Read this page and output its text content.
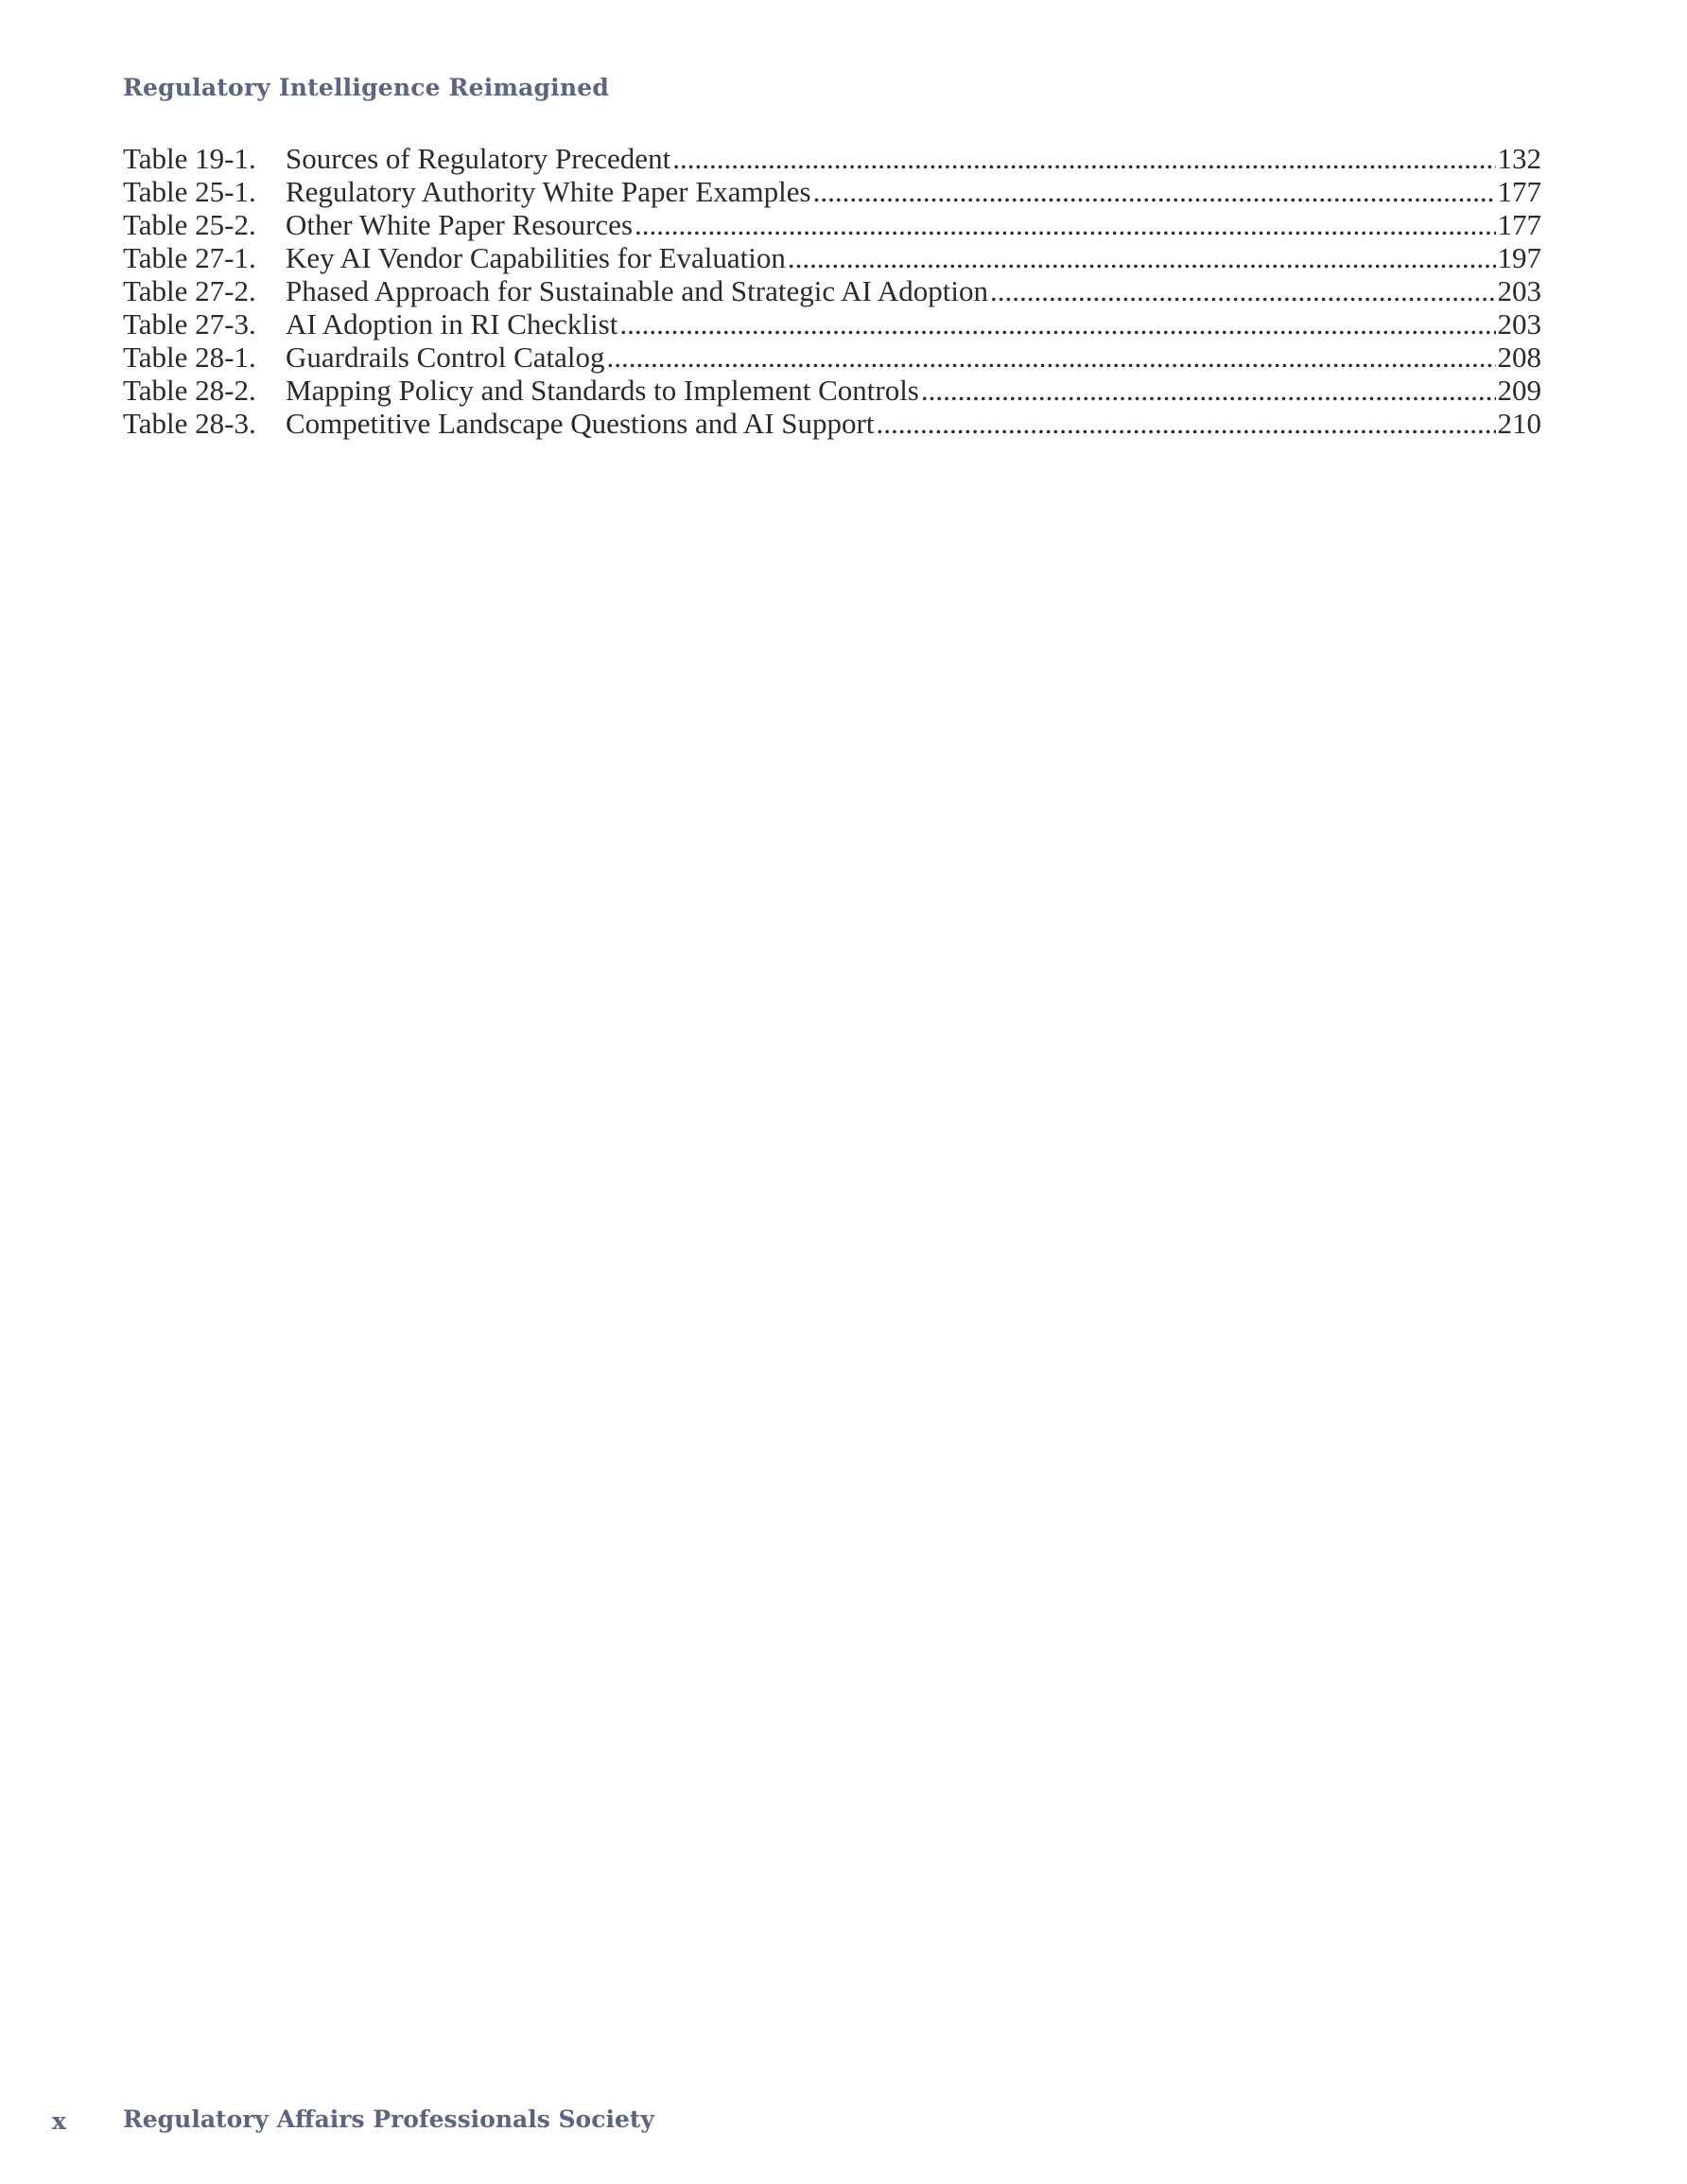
Regulatory Intelligence Reimagined
Table 19-1.	Sources of Regulatory Precedent .....	132
Table 25-1.	Regulatory Authority White Paper Examples .....	177
Table 25-2.	Other White Paper Resources .....	177
Table 27-1.	Key AI Vendor Capabilities for Evaluation .....	197
Table 27-2.	Phased Approach for Sustainable and Strategic AI Adoption .....	203
Table 27-3.	AI Adoption in RI Checklist .....	203
Table 28-1.	Guardrails Control Catalog .....	208
Table 28-2.	Mapping Policy and Standards to Implement Controls .....	209
Table 28-3.	Competitive Landscape Questions and AI Support .....	210
x Regulatory Affairs Professionals Society
